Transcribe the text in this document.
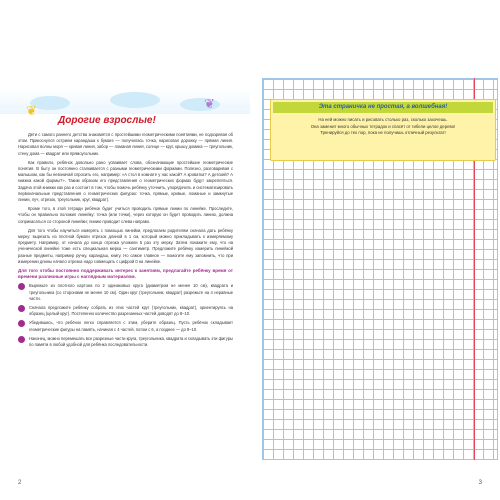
❦	❦
Дорогие взрослые!

Дети с самого раннего детства знакомятся с простейшими геометрическими понятиями, не подозревая об этом. Прикоснулся острием карандаша к бумаге — получилась точка, нарисовал дорожку — прямая линия. Нарисовал волны моря — кривая линия, забор — ломаная линия, солнце — круг, крышу домика — треугольник, стену дома — квадрат или прямоугольник.

Как правило, ребёнок довольно рано усваивает слова, обозначающие простейшие геометрические понятия. В быту он постоянно сталкивается с разными геометрическими формами. Полезно, разговаривая с малышом, как бы невзначай спросить его, например: «А стол в комнате у нас какой? А кроватка? А детский? А книжка какой формы?». Таким образом его представления о геометрических формах будут закрепляться. Задача этой книжки как раз и состоит в том, чтобы помочь ребёнку уточнить, упорядочить и систематизировать первоначальные представления о геометрических фигурах: точка, прямые, кривые, ломаные и замкнутые линии, луч, отрезок, треугольник, круг, квадрат).

Кроме того, в этой тетради ребёнок будет учиться проводить прямые линии по линейке. Проследите, чтобы он правильно положил линейку: точка (или точки), через которую он будет проводить линию, должна соприкасаться со стороной линейки; линию проводит слева направо.

Для того чтобы научиться измерять с помощью линейки, предлагаем родителям сначала дать ребёнку мерку: вырезать из плотной бумаги отрезок длиной в 1 см, который можно прикладывать к измеряемому предмету. Например, от начала до конца отрезка уложили 5 раз эту мерку. Затем покажите ему, что на ученической линейке тоже есть специальная мерка — сантиметр. Предложите ребёнку измерить линейкой разные предметы, например ручку, карандаш, книгу. Но самое главное — помогите ему запомнить, что при измерении длины начало отрезка надо совмещать с цифрой 0 на линейке.

Для того чтобы постоянно поддерживать интерес к занятиям, предлагайте ребёнку время от времени различные игры с наглядным материалом.

Вырежьте из плотного картона по 2 одинаковых круга (диаметром не менее 10 см), квадрата и треугольника (со сторонами не менее 10 см). Один круг (треугольник, квадрат) разрежьте на 4 неравные части.
Сначала предложите ребёнку собрать из этих частей круг (треугольник, квадрат), ориентируясь на образец (целый круг). Постепенно количество разрезанных частей доводят до 8–10.
Убедившись, что ребёнок легко справляется с этим, уберите образец. Пусть ребёнок складывает геометрические фигуры на память, начиная с 4 частей, потом с 6, а позднее — до 8–10.
Наконец, можно перемешать все разрезные части круга, треугольника, квадрата и складывать эти фигуры по памяти в любой удобной для ребёнка последовательности.
2
Эта страничка не простая, а волшебная!
На ней можно писать и рисовать столько раз, сколько захочешь.
Она заменит много обычных тетрадок и спасёт от гибели целое дерево!
Тренируйся до тех пор, пока не получишь отличный результат!
3
